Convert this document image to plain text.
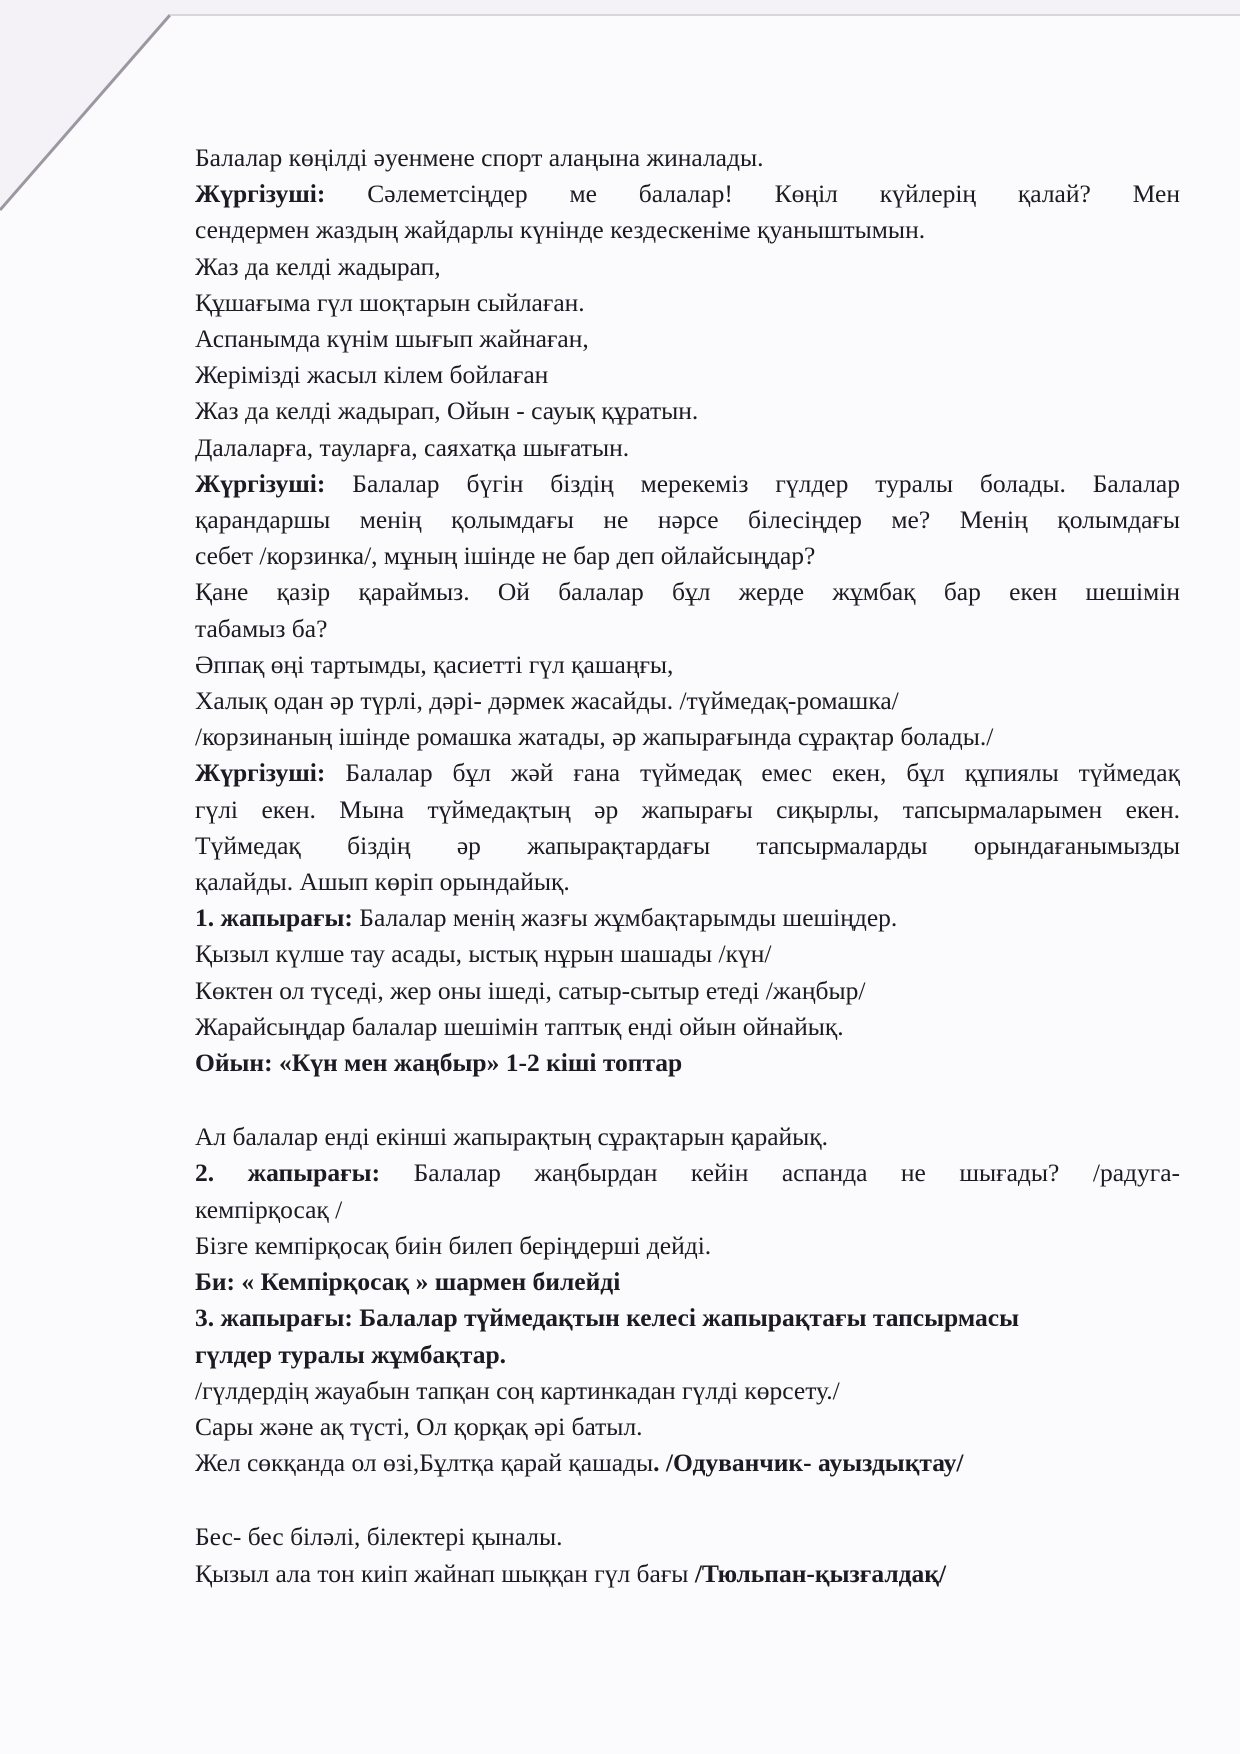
Балалар көңілді әуенмене спорт алаңына жиналады.
Жүргізуші: Сәлеметсіңдер ме балалар! Көңіл күйлерің қалай? Мен
сендермен жаздың жайдарлы күнінде кездескеніме қуаныштымын.
Жаз да келді жадырап,
Құшағыма гүл шоқтарын сыйлаған.
Аспанымда күнім шығып жайнаған,
Жерімізді жасыл кілем бойлаған
Жаз да келді жадырап, Ойын - сауық құратын.
Далаларға, тауларға, саяхатқа шығатын.
Жүргізуші: Балалар бүгін біздің мерекеміз гүлдер туралы болады. Балалар
қарандаршы менің қолымдағы не нәрсе білесіңдер ме? Менің қолымдағы
себет /корзинка/, мұның ішінде не бар деп ойлайсыңдар?
Қане қазір қараймыз. Ой балалар бұл жерде жұмбақ бар екен шешімін
табамыз ба?
Әппақ өңі тартымды, қасиетті гүл қашаңғы,
Халық одан әр түрлі, дәрі- дәрмек жасайды. /түймедақ-ромашка/
/корзинаның ішінде ромашка жатады, әр жапырағында сұрақтар болады./
Жүргізуші: Балалар бұл жәй ғана түймедақ емес екен, бұл құпиялы түймедақ
гүлі екен. Мына түймедақтың әр жапырағы сиқырлы, тапсырмаларымен екен.
Түймедақ біздің әр жапырақтардағы тапсырмаларды орындағанымызды
қалайды. Ашып көріп орындайық.
1. жапырағы: Балалар менің жазғы жұмбақтарымды шешіңдер.
Қызыл күлше тау асады, ыстық нұрын шашады /күн/
Көктен ол түседі, жер оны ішеді, сатыр-сытыр етеді /жаңбыр/
Жарайсыңдар балалар шешімін таптық енді ойын ойнайық.
Ойын: «Күн мен жаңбыр» 1-2 кіші топтар
Ал балалар енді екінші жапырақтың сұрақтарын қарайық.
2. жапырағы: Балалар жаңбырдан кейін аспанда не шығады? /радуга-
кемпірқосақ /
Бізге кемпірқосақ биін билеп беріңдерші дейді.
Би: « Кемпірқосақ » шармен билейді
3. жапырағы: Балалар түймедақтын келесі жапырақтағы тапсырмасы
гүлдер туралы жұмбақтар.
/гүлдердің жауабын тапқан соң картинкадан гүлді көрсету./
Сары және ақ түсті, Ол қорқақ әрі батыл.
Жел сөкқанда ол өзі,Бұлтқа қарай қашады. /Одуванчик- ауыздықтау/
Бес- бес біләлі, білектері қыналы.
Қызыл ала тон киіп жайнап шыққан гүл бағы /Тюльпан-қызғалдақ/
